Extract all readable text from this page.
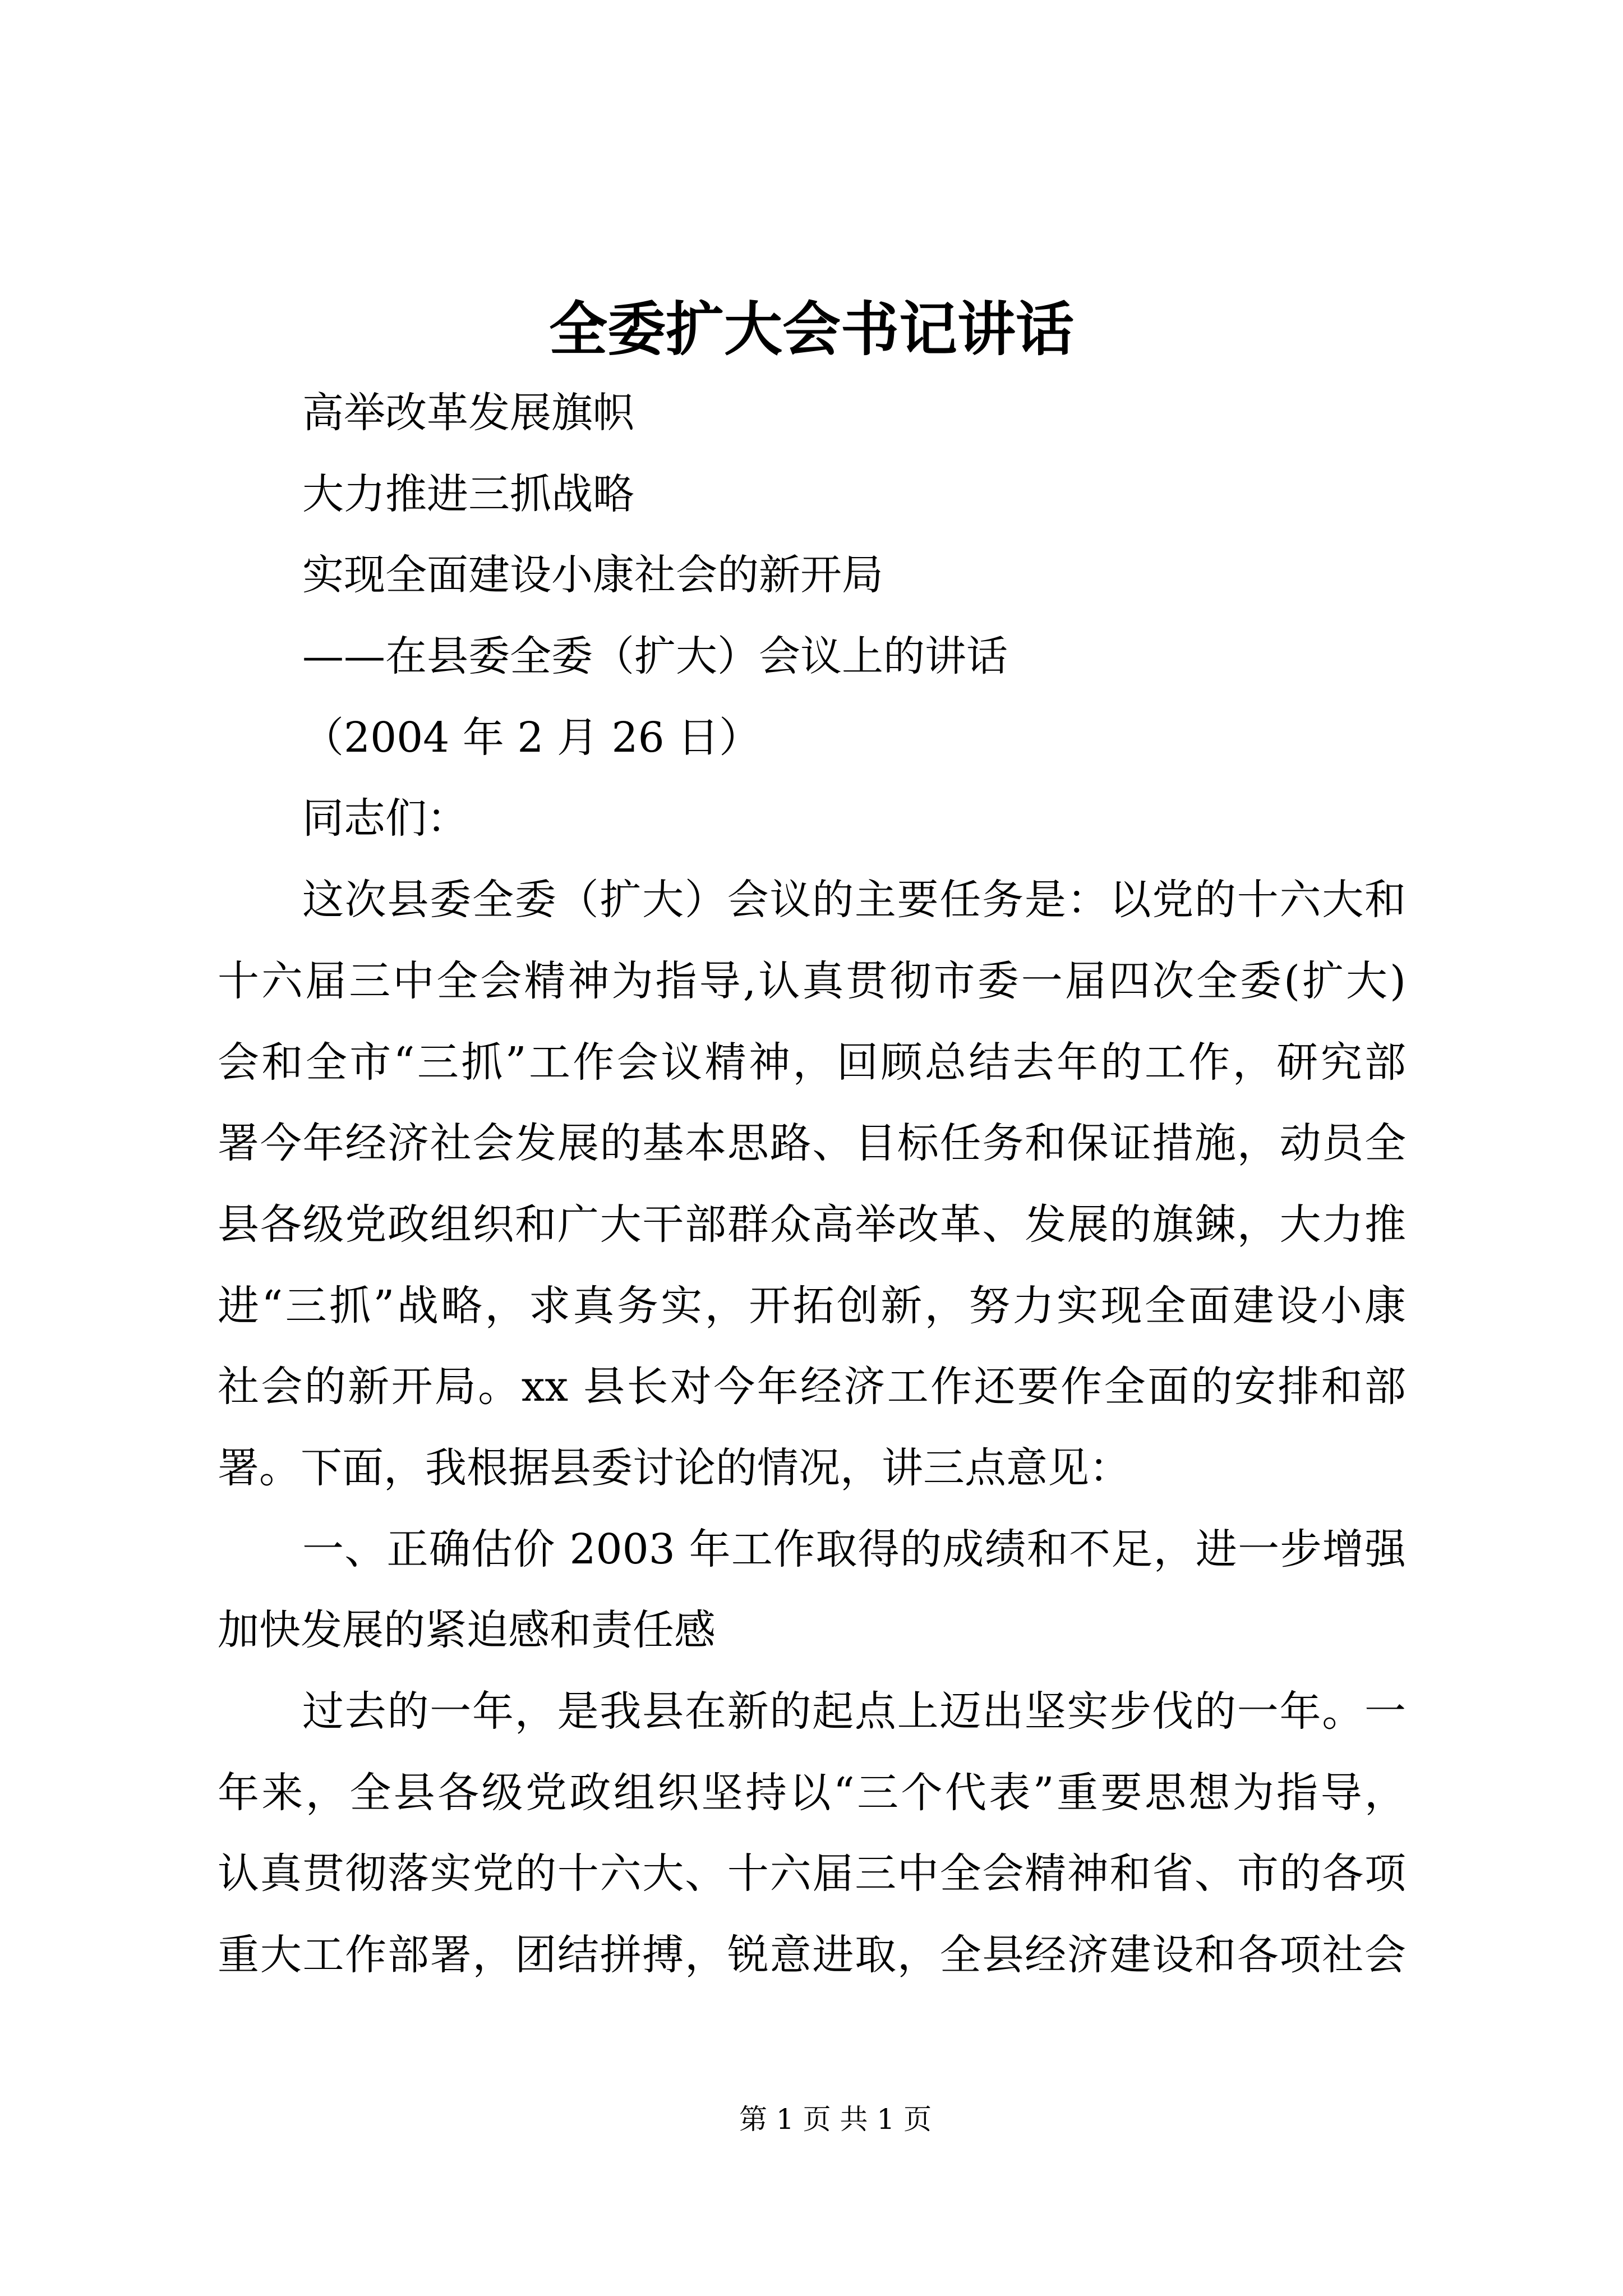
全委扩大会书记讲话
高举改革发展旗帜
大力推进三抓战略
实现全面建设小康社会的新开局
——在县委全委（扩大）会议上的讲话
（2004 年 2 月 26 日）
同志们：
这次县委全委（扩大）会议的主要任务是：以党的十六大和
十六届三中全会精神为指导,认真贯彻市委一届四次全委(扩大)
会和全市“三抓”工作会议精神，回顾总结去年的工作，研究部
署今年经济社会发展的基本思路、目标任务和保证措施，动员全
县各级党政组织和广大干部群众高举改革、发展的旗鋉，大力推
进“三抓”战略，求真务实，开拓创新，努力实现全面建设小康
社会的新开局。xx 县长对今年经济工作还要作全面的安排和部
署。下面，我根据县委讨论的情况，讲三点意见：
一、正确估价 2003 年工作取得的成绩和不足，进一步增强
加快发展的紧迫感和责任感
过去的一年，是我县在新的起点上迈出坚实步伐的一年。一
年来，全县各级党政组织坚持以“三个代表”重要思想为指导，
认真贯彻落实党的十六大、十六届三中全会精神和省、市的各项
重大工作部署，团结拼搏，锐意进取，全县经济建设和各项社会
第 1 页 共 1 页
